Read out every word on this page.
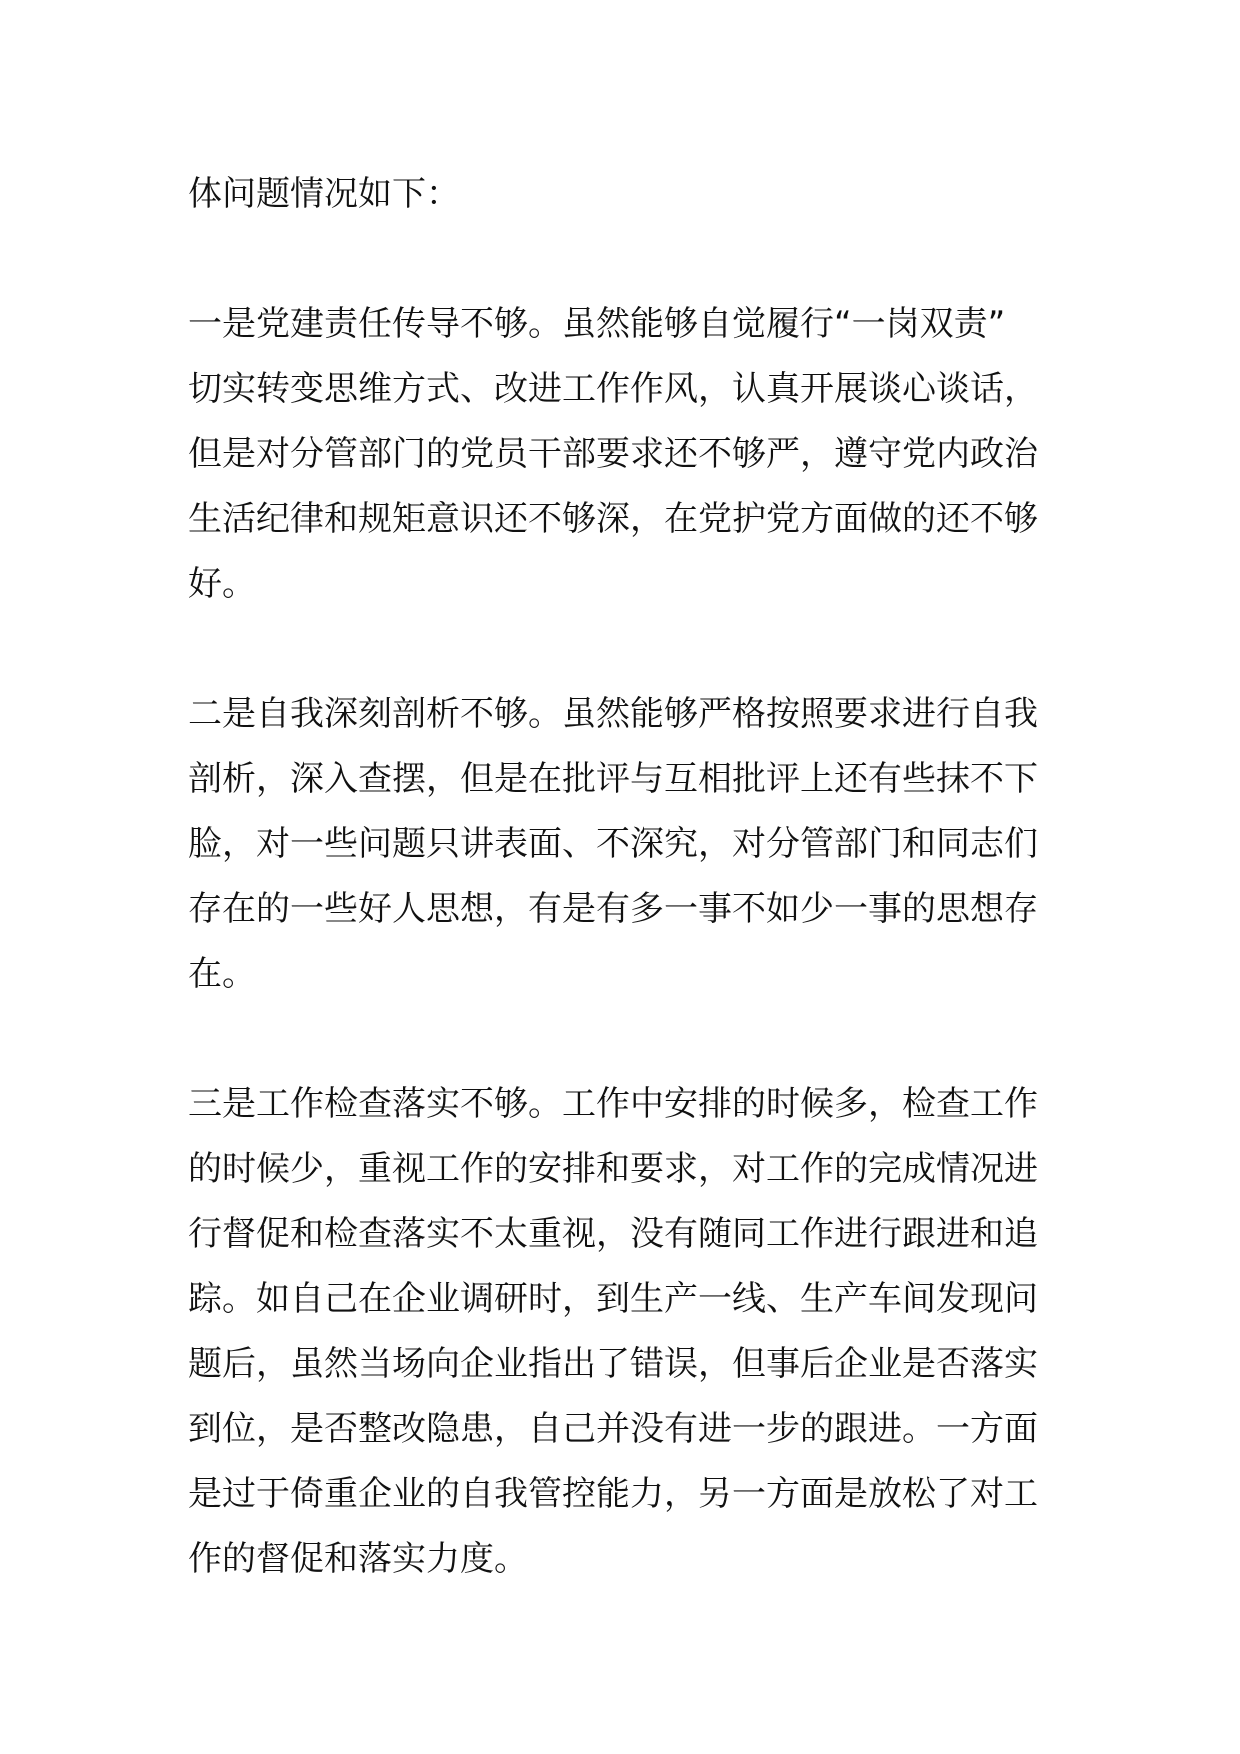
体问题情况如下：

一是党建责任传导不够。虽然能够自觉履行“一岗双责”
切实转变思维方式、改进工作作风，认真开展谈心谈话，
但是对分管部门的党员干部要求还不够严，遵守党内政治
生活纪律和规矩意识还不够深，在党护党方面做的还不够
好。

二是自我深刻剖析不够。虽然能够严格按照要求进行自我
剖析，深入查摆，但是在批评与互相批评上还有些抹不下
脸，对一些问题只讲表面、不深究，对分管部门和同志们
存在的一些好人思想，有是有多一事不如少一事的思想存
在。

三是工作检查落实不够。工作中安排的时候多，检查工作
的时候少，重视工作的安排和要求，对工作的完成情况进
行督促和检查落实不太重视，没有随同工作进行跟进和追
踪。如自己在企业调研时，到生产一线、生产车间发现问
题后，虽然当场向企业指出了错误，但事后企业是否落实
到位，是否整改隐患，自己并没有进一步的跟进。一方面
是过于倚重企业的自我管控能力，另一方面是放松了对工
作的督促和落实力度。
